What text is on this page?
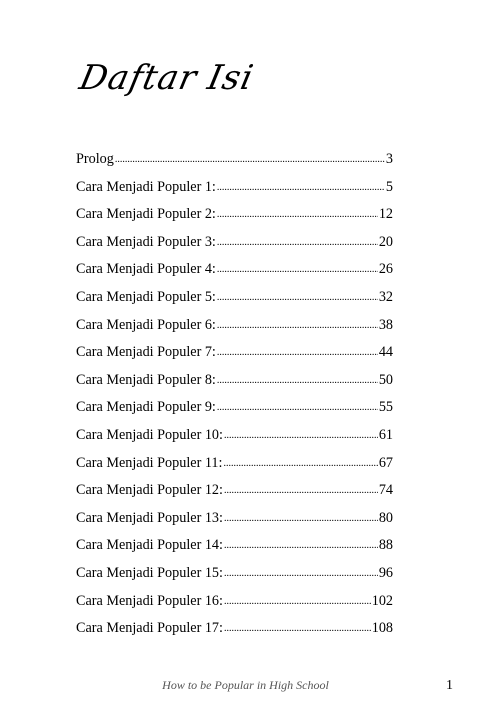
Daftar Isi
Prolog .....	3
Cara Menjadi Populer 1: .....	5
Cara Menjadi Populer 2: .....	12
Cara Menjadi Populer 3: .....	20
Cara Menjadi Populer 4: .....	26
Cara Menjadi Populer 5: .....	32
Cara Menjadi Populer 6: .....	38
Cara Menjadi Populer 7: .....	44
Cara Menjadi Populer 8: .....	50
Cara Menjadi Populer 9: .....	55
Cara Menjadi Populer 10: .....	61
Cara Menjadi Populer 11: .....	67
Cara Menjadi Populer 12: .....	74
Cara Menjadi Populer 13: .....	80
Cara Menjadi Populer 14: .....	88
Cara Menjadi Populer 15: .....	96
Cara Menjadi Populer 16: .....	102
Cara Menjadi Populer 17: .....	108
How to be Popular in High School	1
